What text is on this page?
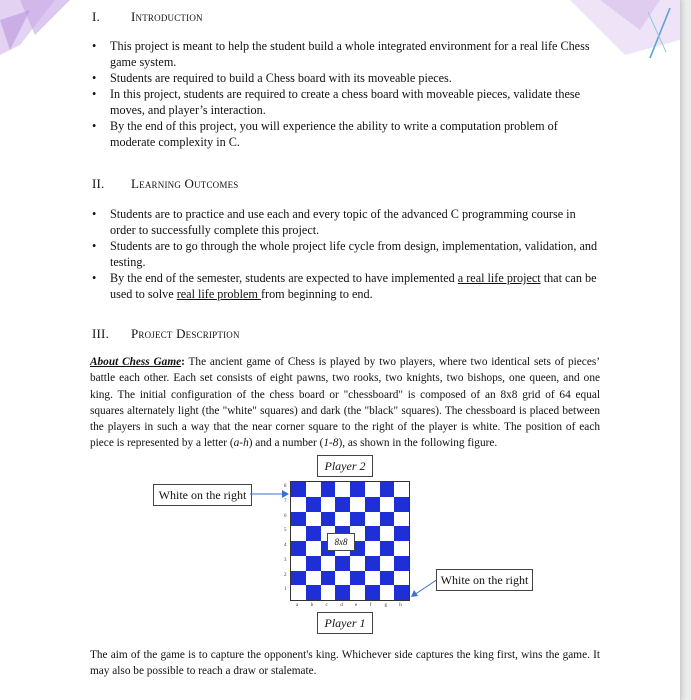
I. Introduction
• This project is meant to help the student build a whole integrated environment for a real life Chess game system.
• Students are required to build a Chess board with its moveable pieces.
• In this project, students are required to create a chess board with moveable pieces, validate these moves, and player’s interaction.
• By the end of this project, you will experience the ability to write a computation problem of moderate complexity in C.
II. Learning Outcomes
• Students are to practice and use each and every topic of the advanced C programming course in order to successfully complete this project.
• Students are to go through the whole project life cycle from design, implementation, validation, and testing.
• By the end of the semester, students are expected to have implemented a real life project that can be used to solve real life problem from beginning to end.
III. Project Description

About Chess Game: The ancient game of Chess is played by two players, where two identical sets of pieces’ battle each other. Each set consists of eight pawns, two rooks, two knights, two bishops, one queen, and one king. The initial configuration of the chess board or "chessboard" is composed of an 8x8 grid of 64 equal squares alternately light (the "white" squares) and dark (the "black" squares). The chessboard is placed between the players in such a way that the near corner square to the right of the player is white. The position of each piece is represented by a letter (a-h) and a number (1-8), as shown in the following figure.

Player 2
White on the right
8x8
8
7
6
5
4
3
2
1
a	b c	d e	f	g h
White on the right
Player 1

The aim of the game is to capture the opponent's king. Whichever side captures the king first, wins the game. It may also be possible to reach a draw or stalemate.
